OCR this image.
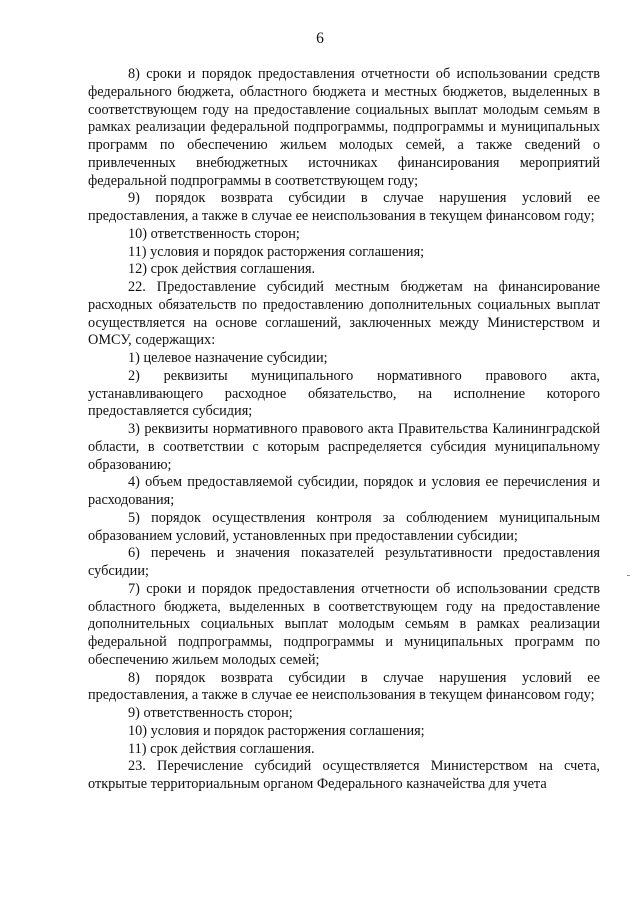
6

8) сроки и порядок предоставления отчетности об использовании средств федерального бюджета, областного бюджета и местных бюджетов, выделенных в соответствующем году на предоставление социальных выплат молодым семьям в рамках реализации федеральной подпрограммы, подпрограммы и муниципальных программ по обеспечению жильем молодых семей, а также сведений о привлеченных внебюджетных источниках финансирования мероприятий федеральной подпрограммы в соответствующем году;

9) порядок возврата субсидии в случае нарушения условий ее предоставления, а также в случае ее неиспользования в текущем финансовом году;

10) ответственность сторон;

11) условия и порядок расторжения соглашения;

12) срок действия соглашения.

22. Предоставление субсидий местным бюджетам на финансирование расходных обязательств по предоставлению дополнительных социальных выплат осуществляется на основе соглашений, заключенных между Министерством и ОМСУ, содержащих:

1) целевое назначение субсидии;

2) реквизиты муниципального нормативного правового акта, устанавливающего расходное обязательство, на исполнение которого предоставляется субсидия;

3) реквизиты нормативного правового акта Правительства Калининградской области, в соответствии с которым распределяется субсидия муниципальному образованию;

4) объем предоставляемой субсидии, порядок и условия ее перечисления и расходования;

5) порядок осуществления контроля за соблюдением муниципальным образованием условий, установленных при предоставлении субсидии;

6) перечень и значения показателей результативности предоставления субсидии;

7) сроки и порядок предоставления отчетности об использовании средств областного бюджета, выделенных в соответствующем году на предоставление дополнительных социальных выплат молодым семьям в рамках реализации федеральной подпрограммы, подпрограммы и муниципальных программ по обеспечению жильем молодых семей;

8) порядок возврата субсидии в случае нарушения условий ее предоставления, а также в случае ее неиспользования в текущем финансовом году;

9) ответственность сторон;

10) условия и порядок расторжения соглашения;

11) срок действия соглашения.

23. Перечисление субсидий осуществляется Министерством на счета, открытые территориальным органом Федерального казначейства для учета
